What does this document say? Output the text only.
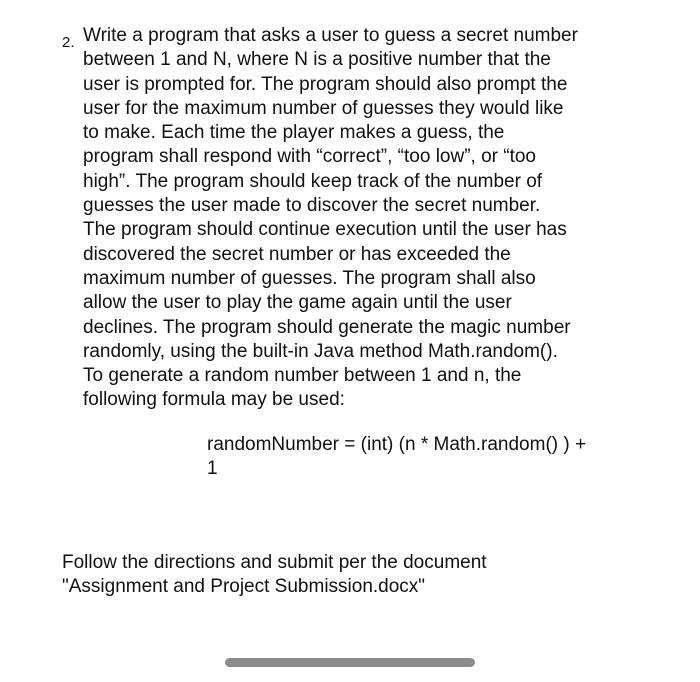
2. Write a program that asks a user to guess a secret number
between 1 and N, where N is a positive number that the
user is prompted for. The program should also prompt the
user for the maximum number of guesses they would like
to make. Each time the player makes a guess, the
program shall respond with “correct”, “too low”, or “too
high”. The program should keep track of the number of
guesses the user made to discover the secret number.
The program should continue execution until the user has
discovered the secret number or has exceeded the
maximum number of guesses. The program shall also
allow the user to play the game again until the user
declines. The program should generate the magic number
randomly, using the built-in Java method Math.random().
To generate a random number between 1 and n, the
following formula may be used:
randomNumber = (int) (n * Math.random() ) +
1
Follow the directions and submit per the document
"Assignment and Project Submission.docx"
